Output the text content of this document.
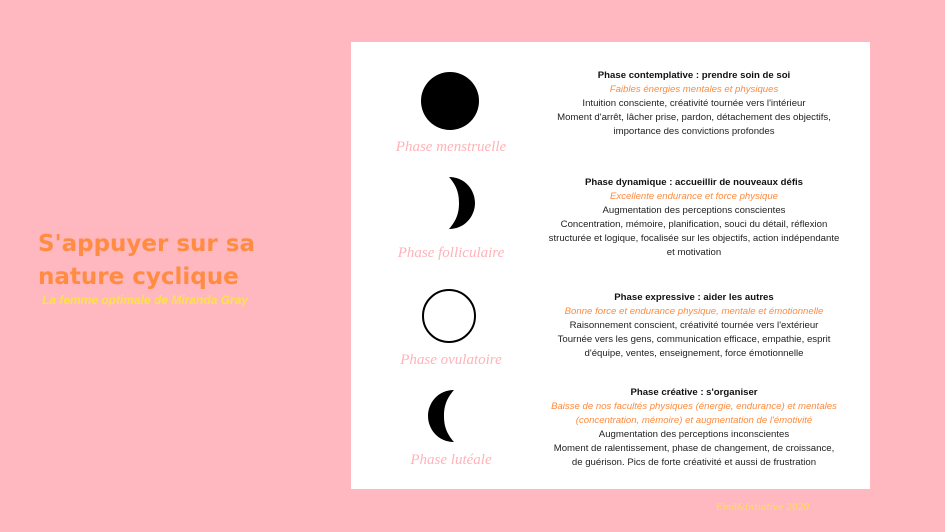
S'appuyer sur sa
nature cyclique

La femme optimale de Miranda Gray

Phase menstruelle

Phase contemplative : prendre soin de soi
Faibles énergies mentales et physiques
Intuition consciente, créativité tournée vers l'intérieur
Moment d'arrêt, lâcher prise, pardon, détachement des objectifs,
importance des convictions profondes

Phase folliculaire

Phase dynamique : accueillir de nouveaux défis
Excellente endurance et force physique
Augmentation des perceptions conscientes
Concentration, mémoire, planification, souci du détail, réflexion
structurée et logique, focalisée sur les objectifs, action indépendante
et motivation

Phase ovulatoire

Phase expressive : aider les autres
Bonne force et endurance physique, mentale et émotionnelle
Raisonnement conscient, créativité tournée vers l'extérieur
Tournée vers les gens, communication efficace, empathie, esprit
d'équipe, ventes, enseignement, force émotionnelle

Phase lutéale

Phase créative : s'organiser
Baisse de nos facultés physiques (énergie, endurance) et mentales
(concentration, mémoire) et augmentation de l'émotivité
Augmentation des perceptions inconscientes
Moment de ralentissement, phase de changement, de croissance,
de guérison. Pics de forte créativité et aussi de frustration

Emil&Intuitive 2020
